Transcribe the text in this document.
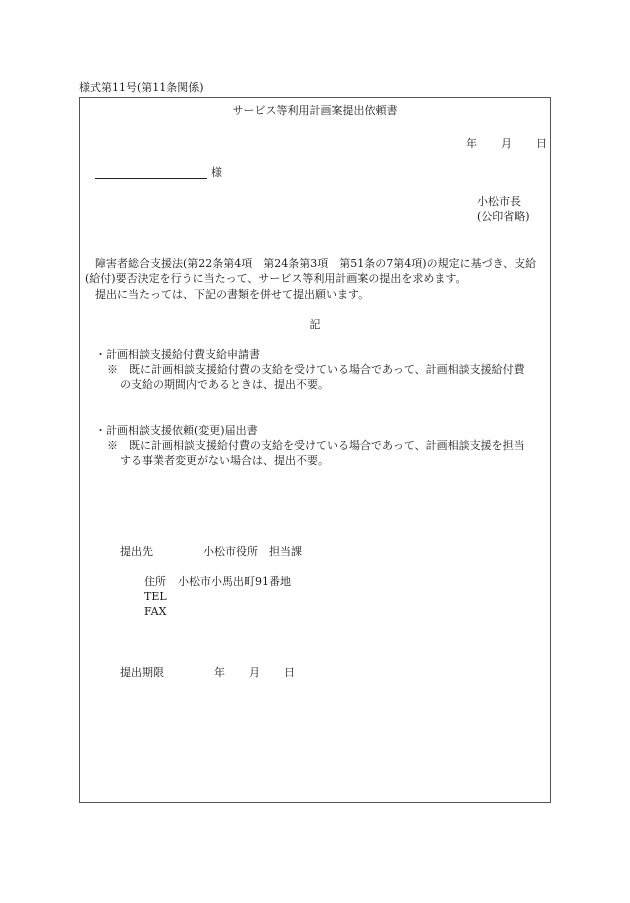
様式第11号(第11条関係)
サービス等利用計画案提出依頼書
年 月 日
様
小松市長
(公印省略)
障害者総合支援法(第22条第4項　第24条第3項　第51条の7第4項)の規定に基づき、支給
(給付)要否決定を行うに当たって、サービス等利用計画案の提出を求めます。
提出に当たっては、下記の書類を併せて提出願います。
記
・計画相談支援給付費支給申請書
※　既に計画相談支援給付費の支給を受けている場合であって、計画相談支援給付費
の支給の期間内であるときは、提出不要。
・計画相談支援依頼(変更)届出書
※　既に計画相談支援給付費の支給を受けている場合であって、計画相談支援を担当
する事業者変更がない場合は、提出不要。
提出先	小松市役所　担当課
住所 小松市小馬出町91番地
TEL
FAX
提出期限	年 月 日
